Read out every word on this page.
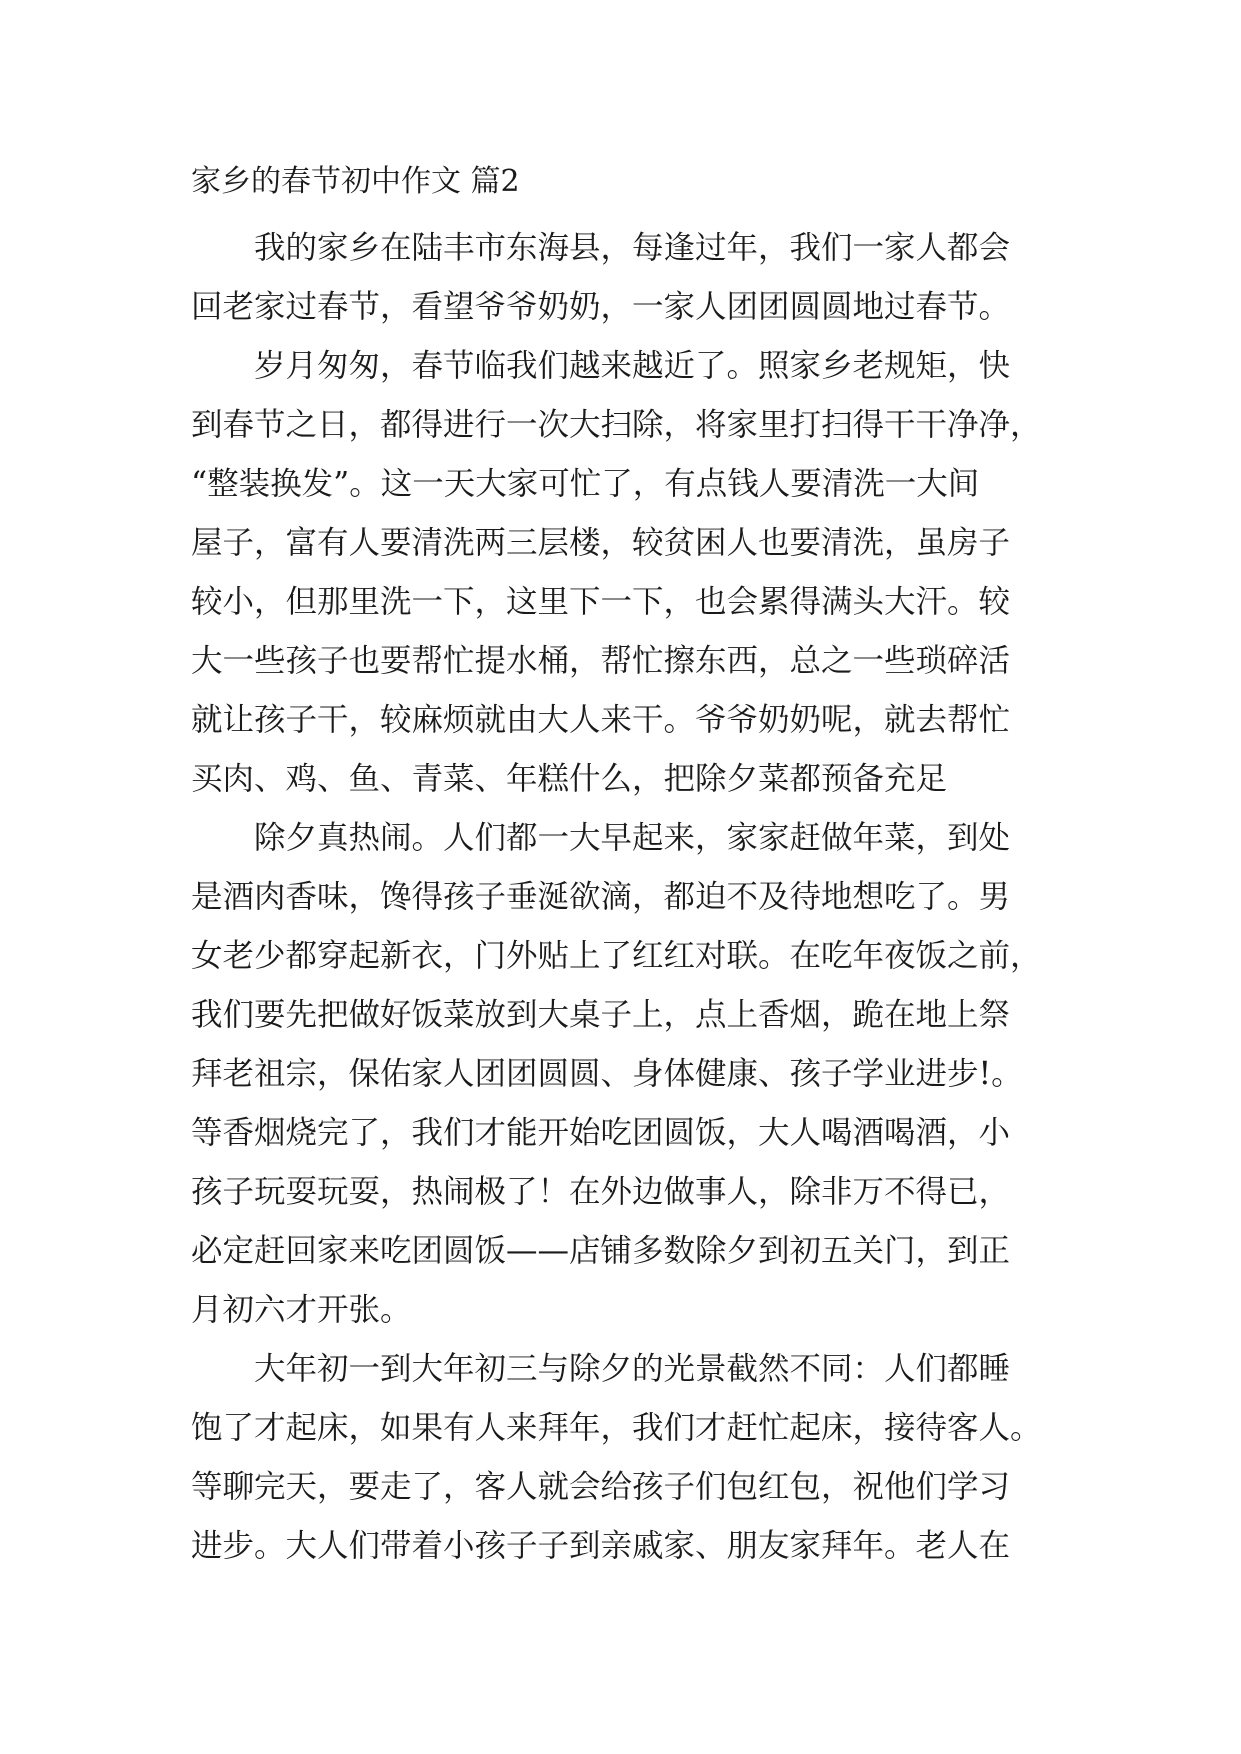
家乡的春节初中作文 篇2
我的家乡在陆丰市东海县，每逢过年，我们一家人都会
回老家过春节，看望爷爷奶奶，一家人团团圆圆地过春节。
岁月匆匆，春节临我们越来越近了。照家乡老规矩，快
到春节之日，都得进行一次大扫除，将家里打扫得干干净净，
“整装换发”。这一天大家可忙了，有点钱人要清洗一大间
屋子，富有人要清洗两三层楼，较贫困人也要清洗，虽房子
较小，但那里洗一下，这里下一下，也会累得满头大汗。较
大一些孩子也要帮忙提水桶，帮忙擦东西，总之一些琐碎活
就让孩子干，较麻烦就由大人来干。爷爷奶奶呢，就去帮忙
买肉、鸡、鱼、青菜、年糕什么，把除夕菜都预备充足
除夕真热闹。人们都一大早起来，家家赶做年菜，到处
是酒肉香味，馋得孩子垂涎欲滴，都迫不及待地想吃了。男
女老少都穿起新衣，门外贴上了红红对联。在吃年夜饭之前，
我们要先把做好饭菜放到大桌子上，点上香烟，跪在地上祭
拜老祖宗，保佑家人团团圆圆、身体健康、孩子学业进步!。
等香烟烧完了，我们才能开始吃团圆饭，大人喝酒喝酒，小
孩子玩耍玩耍，热闹极了！在外边做事人，除非万不得已，
必定赶回家来吃团圆饭——店铺多数除夕到初五关门，到正
月初六才开张。
大年初一到大年初三与除夕的光景截然不同：人们都睡
饱了才起床，如果有人来拜年，我们才赶忙起床，接待客人。
等聊完天，要走了，客人就会给孩子们包红包，祝他们学习
进步。大人们带着小孩子子到亲戚家、朋友家拜年。老人在
